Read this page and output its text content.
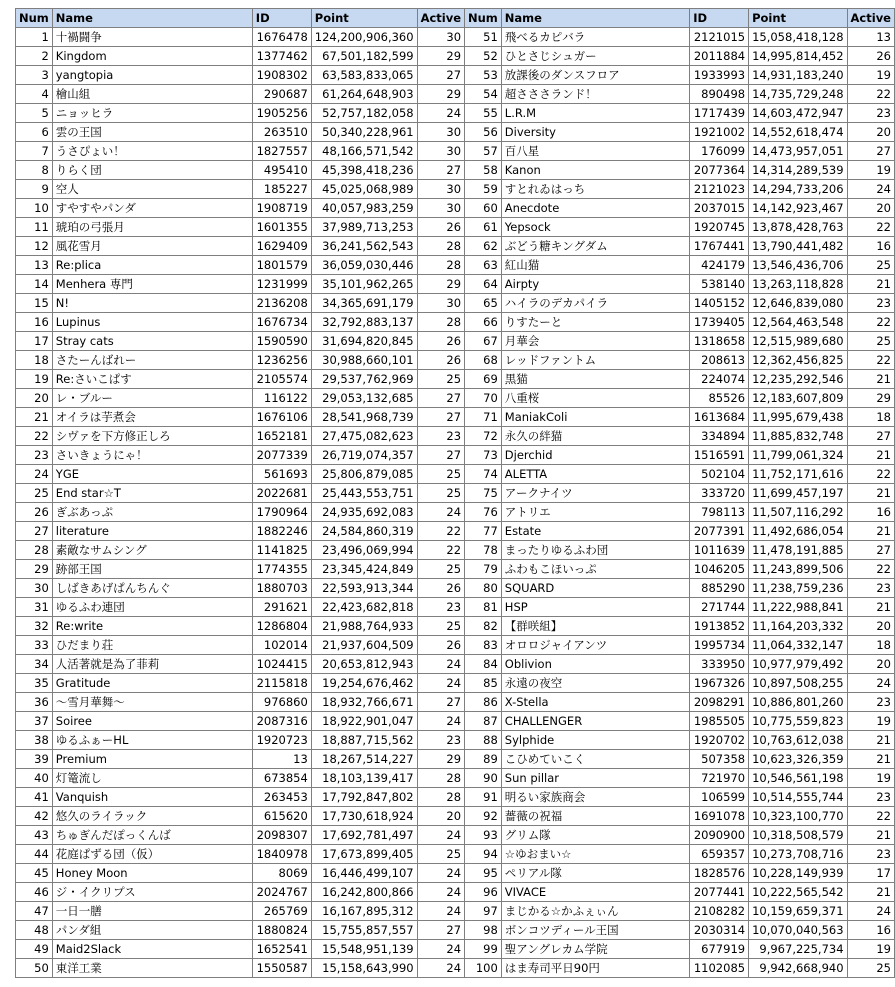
Num	Name	ID	Point	Active
1	十禍闘争	1676478	124,200,906,360	30
2	Kingdom	1377462	67,501,182,599	29
3	yangtopia	1908302	63,583,833,065	27
4	檜山組	290687	61,264,648,903	29
5	ニョッヒラ	1905256	52,757,182,058	24
6	雲の王国	263510	50,340,228,961	30
7	うさぴょい！	1827557	48,166,571,542	30
8	りらく団	495410	45,398,418,236	27
9	空人	185227	45,025,068,989	30
10	すやすやパンダ	1908719	40,057,983,259	30
11	琥珀の弓張月	1601355	37,989,713,253	26
12	風花雪月	1629409	36,241,562,543	28
13	Re:plica	1801579	36,059,030,446	28
14	Menhera 専門	1231999	35,101,962,265	29
15	N!	2136208	34,365,691,179	30
16	Lupinus	1676734	32,792,883,137	28
17	Stray cats	1590590	31,694,820,845	26
18	さたーんばれー	1236256	30,988,660,101	26
19	Re:さいこぱす	2105574	29,537,762,969	25
20	レ・ブルー	116122	29,053,132,685	27
21	オイラは芋煮会	1676106	28,541,968,739	27
22	シヴァを下方修正しろ	1652181	27,475,082,623	23
23	さいきょうにゃ！	2077339	26,719,074,357	27
24	YGE	561693	25,806,879,085	25
25	End star☆T	2022681	25,443,553,751	25
26	ぎぶあっぷ	1790964	24,935,692,083	24
27	literature	1882246	24,584,860,319	22
28	素敵なサムシング	1141825	23,496,069,994	22
29	跡部王国	1774355	23,345,424,849	25
30	しばきあげぱんちんぐ	1880703	22,593,913,344	26
31	ゆるふわ連団	291621	22,423,682,818	23
32	Re:write	1286804	21,988,764,933	25
33	ひだまり荘	102014	21,937,604,509	26
34	人活著就是為了菲莉	1024415	20,653,812,943	24
35	Gratitude	2115818	19,254,676,462	24
36	～雪月華舞～	976860	18,932,766,671	27
37	Soiree	2087316	18,922,901,047	24
38	ゆるふぁーHL	1920723	18,887,715,562	23
39	Premium	13	18,267,514,227	29
40	灯篭流し	673854	18,103,139,417	28
41	Vanquish	263453	17,792,847,802	28
42	悠久のライラック	615620	17,730,618,924	20
43	ちゅぎんだぽっくんば	2098307	17,692,781,497	24
44	花庭ぱずる団（仮）	1840978	17,673,899,405	25
45	Honey Moon	8069	16,446,499,107	24
46	ジ・イクリプス	2024767	16,242,800,866	24
47	一日一膳	265769	16,167,895,312	24
48	パンダ組	1880824	15,755,857,557	27
49	Maid2Slack	1652541	15,548,951,139	24
50	東洋工業	1550587	15,158,643,990	24
Num	Name	ID	Point	Active
51	飛べるカピバラ	2121015	15,058,418,128	13
52	ひとさじシュガー	2011884	14,995,814,452	26
53	放課後のダンスフロア	1933993	14,931,183,240	19
54	超さささランド！	890498	14,735,729,248	22
55	L.R.M	1717439	14,603,472,947	23
56	Diversity	1921002	14,552,618,474	20
57	百八星	176099	14,473,957,051	27
58	Kanon	2077364	14,314,289,539	19
59	すとれゐはっち	2121023	14,294,733,206	24
60	Anecdote	2037015	14,142,923,467	20
61	Yepsock	1920745	13,878,428,763	22
62	ぶどう糖キングダム	1767441	13,790,441,482	16
63	紅山猫	424179	13,546,436,706	25
64	Airpty	538140	13,263,118,828	21
65	ハイラのデカパイラ	1405152	12,646,839,080	23
66	りすたーと	1739405	12,564,463,548	22
67	月華会	1318658	12,515,989,680	25
68	レッドファントム	208613	12,362,456,825	22
69	黒猫	224074	12,235,292,546	21
70	八重桜	85526	12,183,607,809	29
71	ManiakColi	1613684	11,995,679,438	18
72	永久の絆猫	334894	11,885,832,748	27
73	Djerchid	1516591	11,799,061,324	21
74	ALETTA	502104	11,752,171,616	22
75	アークナイツ	333720	11,699,457,197	21
76	アトリエ	798113	11,507,116,292	16
77	Estate	2077391	11,492,686,054	21
78	まったりゆるふわ団	1011639	11,478,191,885	27
79	ふわもこほいっぷ	1046205	11,243,899,506	22
80	SQUARD	885290	11,238,759,236	23
81	HSP	271744	11,222,988,841	21
82	【群咲組】	1913852	11,164,203,332	20
83	オロロジャイアンツ	1995734	11,064,332,147	18
84	Oblivion	333950	10,977,979,492	20
85	永遠の夜空	1967326	10,897,508,255	24
86	X-Stella	2098291	10,886,801,260	23
87	CHALLENGER	1985505	10,775,559,823	19
88	Sylphide	1920702	10,763,612,038	21
89	こひめていこく	507358	10,623,326,359	21
90	Sun pillar	721970	10,546,561,198	19
91	明るい家族商会	106599	10,514,555,744	23
92	薔薇の祝福	1691078	10,323,100,770	22
93	グリム隊	2090900	10,318,508,579	21
94	☆ゆおまい☆	659357	10,273,708,716	23
95	ペリアル隊	1828576	10,228,149,939	17
96	VIVACE	2077441	10,222,565,542	21
97	まじかる☆かふぇぃん	2108282	10,159,659,371	24
98	ボンコツディール王国	2030314	10,070,040,563	16
99	聖アングレカム学院	677919	9,967,225,734	19
100	はま寿司平日90円	1102085	9,942,668,940	25
